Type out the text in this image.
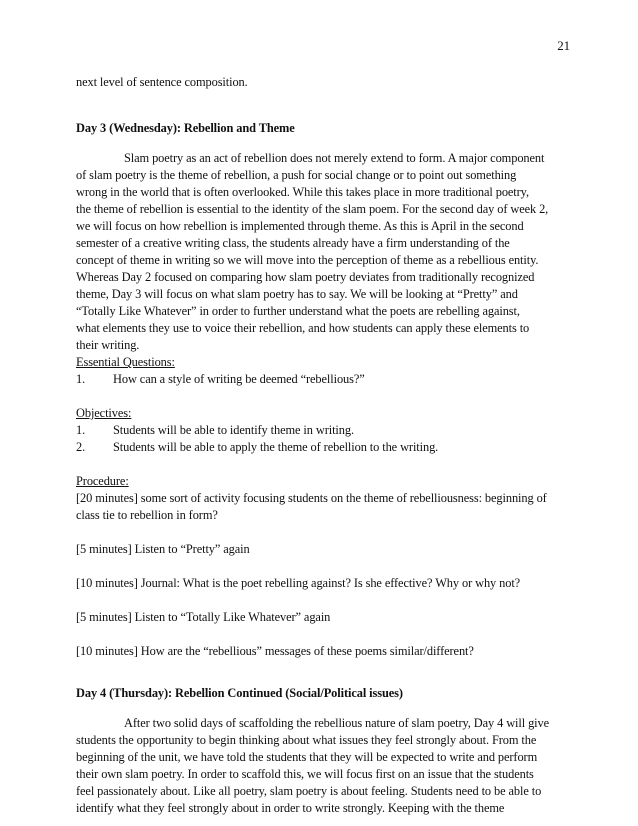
21
next level of sentence composition.
Day 3 (Wednesday): Rebellion and Theme
Slam poetry as an act of rebellion does not merely extend to form. A major component
of slam poetry is the theme of rebellion, a push for social change or to point out something
wrong in the world that is often overlooked. While this takes place in more traditional poetry,
the theme of rebellion is essential to the identity of the slam poem. For the second day of week 2,
we will focus on how rebellion is implemented through theme. As this is April in the second
semester of a creative writing class, the students already have a firm understanding of the
concept of theme in writing so we will move into the perception of theme as a rebellious entity.
Whereas Day 2 focused on comparing how slam poetry deviates from traditionally recognized
theme, Day 3 will focus on what slam poetry has to say. We will be looking at “Pretty” and
“Totally Like Whatever” in order to further understand what the poets are rebelling against,
what elements they use to voice their rebellion, and how students can apply these elements to
their writing.
Essential Questions:
1. How can a style of writing be deemed “rebellious?”
Objectives:
1. Students will be able to identify theme in writing.
2. Students will be able to apply the theme of rebellion to the writing.
Procedure:
[20 minutes] some sort of activity focusing students on the theme of rebelliousness: beginning of
class tie to rebellion in form?
[5 minutes] Listen to “Pretty” again
[10 minutes] Journal: What is the poet rebelling against? Is she effective? Why or why not?
[5 minutes] Listen to “Totally Like Whatever” again
[10 minutes] How are the “rebellious” messages of these poems similar/different?
Day 4 (Thursday): Rebellion Continued (Social/Political issues)
After two solid days of scaffolding the rebellious nature of slam poetry, Day 4 will give
students the opportunity to begin thinking about what issues they feel strongly about. From the
beginning of the unit, we have told the students that they will be expected to write and perform
their own slam poetry. In order to scaffold this, we will focus first on an issue that the students
feel passionately about. Like all poetry, slam poetry is about feeling. Students need to be able to
identify what they feel strongly about in order to write strongly. Keeping with the theme
